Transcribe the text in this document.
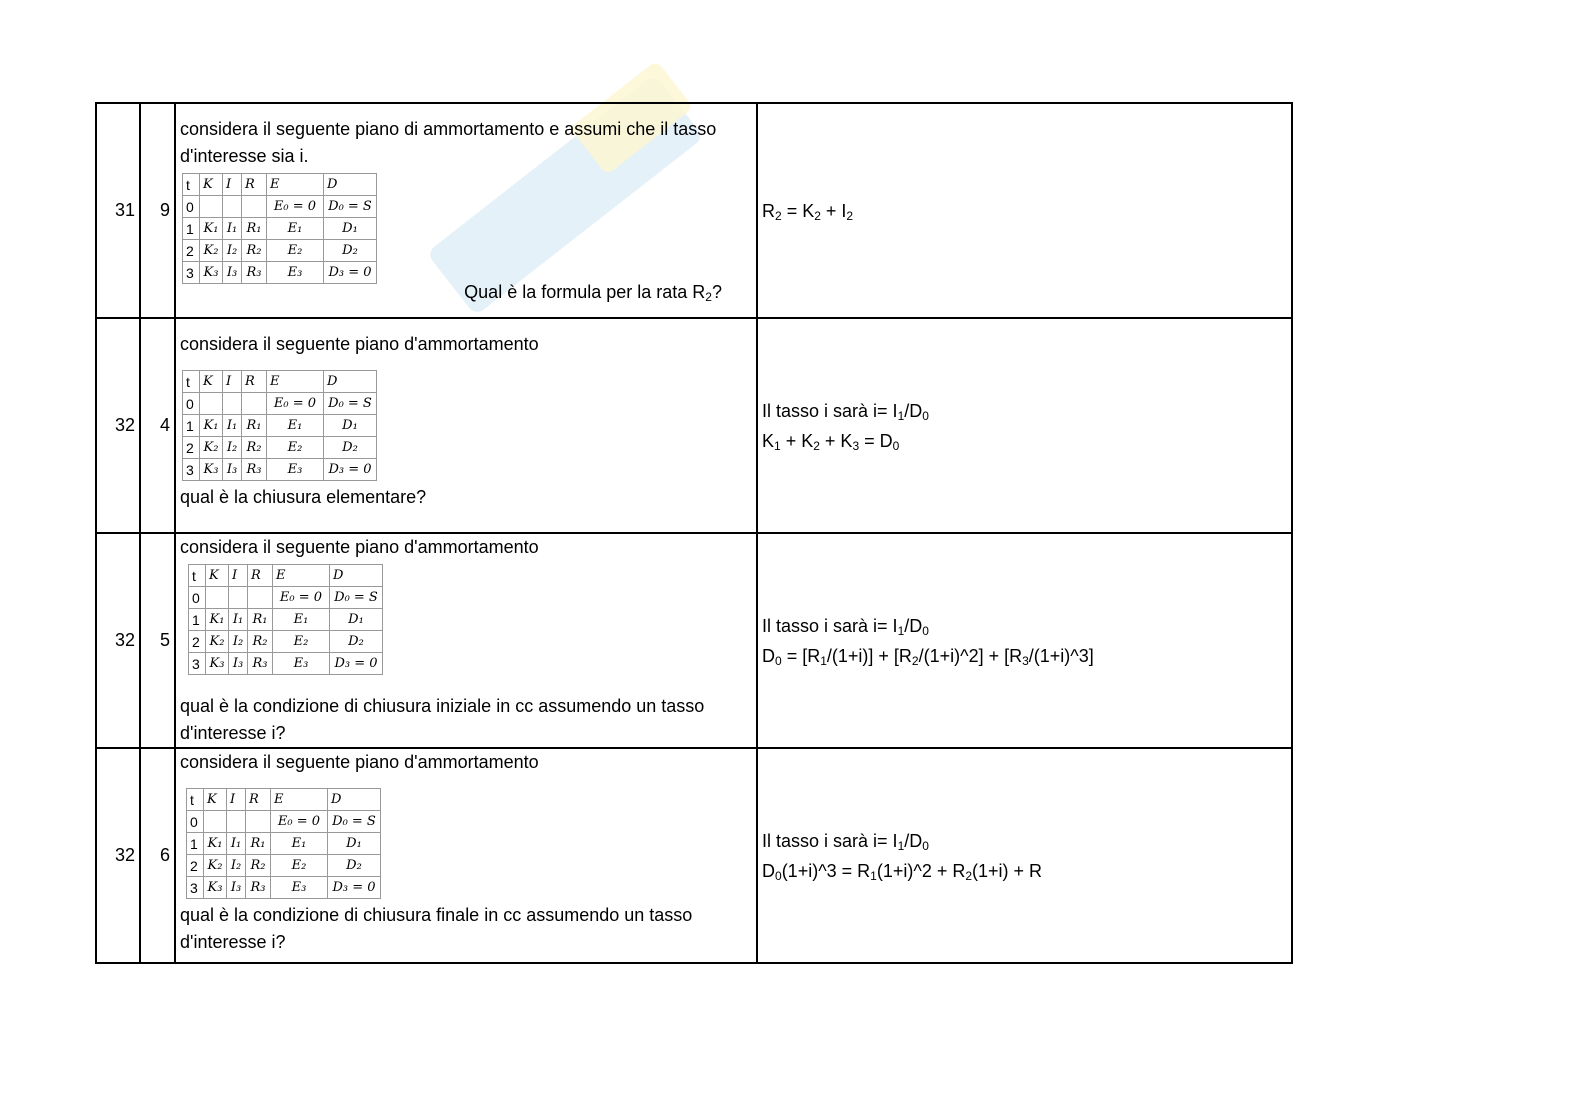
31	9	
considera il seguente piano di ammortamento e assumi che il tasso d'interesse sia i.
t	K	I	R	E	D
0				E₀ = 0	D₀ = S
1	K₁	I₁	R₁	E₁	D₁
2	K₂	I₂	R₂	E₂	D₂
3	K₃	I₃	R₃	E₃	D₃ = 0
Qual è la formula per la rata $R_2$?

$R_2 = K_2 + I_2$

32	4	
considera il seguente piano d'ammortamento
t	K	I	R	E	D
0				E₀ = 0	D₀ = S
1	K₁	I₁	R₁	E₁	D₁
2	K₂	I₂	R₂	E₂	D₂
3	K₃	I₃	R₃	E₃	D₃ = 0
qual è la chiusura elementare?

Il tasso i sarà $i= I_1/D_0$
$K_1 + K_2 + K_3 = D_0$

32	5	
considera il seguente piano d'ammortamento
t	K	I	R	E	D
0				E₀ = 0	D₀ = S
1	K₁	I₁	R₁	E₁	D₁
2	K₂	I₂	R₂	E₂	D₂
3	K₃	I₃	R₃	E₃	D₃ = 0
qual è la condizione di chiusura iniziale in cc assumendo un tasso d'interesse i?

Il tasso i sarà $i= I_1/D_0$
$D_0 = [R_1/(1+i)]$ + $[R_2/(1+i)\^{}2]$ + $[R_3/(1+i)\^{}3]$

32	6	
considera il seguente piano d'ammortamento
t	K	I	R	E	D
0				E₀ = 0	D₀ = S
1	K₁	I₁	R₁	E₁	D₁
2	K₂	I₂	R₂	E₂	D₂
3	K₃	I₃	R₃	E₃	D₃ = 0
qual è la condizione di chiusura finale in cc assumendo un tasso d'interesse i?

Il tasso i sarà $i= I_1/D_0$
$D_0(1+i)\^{}3$ = $R_1(1+i)\^{}2 + R_2(1+i) + R$
